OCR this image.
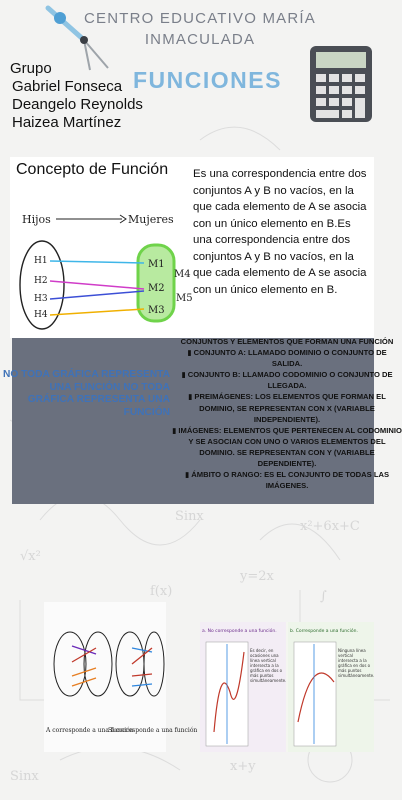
Sinx
x²+6x+C
√x²
y=2x
Sinx
∫
x+y
f(x)
CENTRO EDUCATIVO MARÍA INMACULADA
Grupo
Gabriel Fonseca
Deangelo Reynolds
Haizea Martínez
FUNCIONES
Concepto de Función Es una correspondencia entre dos conjuntos A y B no vacíos, en la que cada elemento de A se asocia con un único elemento en B.Es una correspondencia entre dos conjuntos A y B no vacíos, en la que cada elemento de A se asocia con un único elemento en B.
Hijos	Mujeres
H1
H2
H3
H4
M1
M2
M3
M4
M5
NO TODA GRÁFICA REPRESENTA UNA FUNCIÓN NO TODA GRÁFICA REPRESENTA UNA FUNCIÓN
CONJUNTOS Y ELEMENTOS QUE FORMAN UNA FUNCIÓN
▮ CONJUNTO A: LLAMADO DOMINIO O CONJUNTO DE SALIDA.
▮ CONJUNTO B: LLAMADO CODOMINIO O CONJUNTO DE LLEGADA.
▮ PREIMÁGENES: LOS ELEMENTOS QUE FORMAN EL DOMINIO, SE REPRESENTAN CON X (VARIABLE INDEPENDIENTE).
▮ IMÁGENES: ELEMENTOS QUE PERTENECEN AL CODOMINIO Y SE ASOCIAN CON UNO O VARIOS ELEMENTOS DEL DOMINIO. SE REPRESENTAN CON Y (VARIABLE DEPENDIENTE).
▮ ÁMBITO O RANGO: ES EL CONJUNTO DE TODAS LAS IMÁGENES.
A corresponde a una función
Si corresponde a una función
a. No corresponde a una función.	b. Corresponde a una función.
Es decir, en ocasiones una línea vertical intersecta a la gráfica en dos o más puntos simultáneamente.
Ninguna línea vertical intersecta a la gráfica en dos o más puntos simultáneamente.
